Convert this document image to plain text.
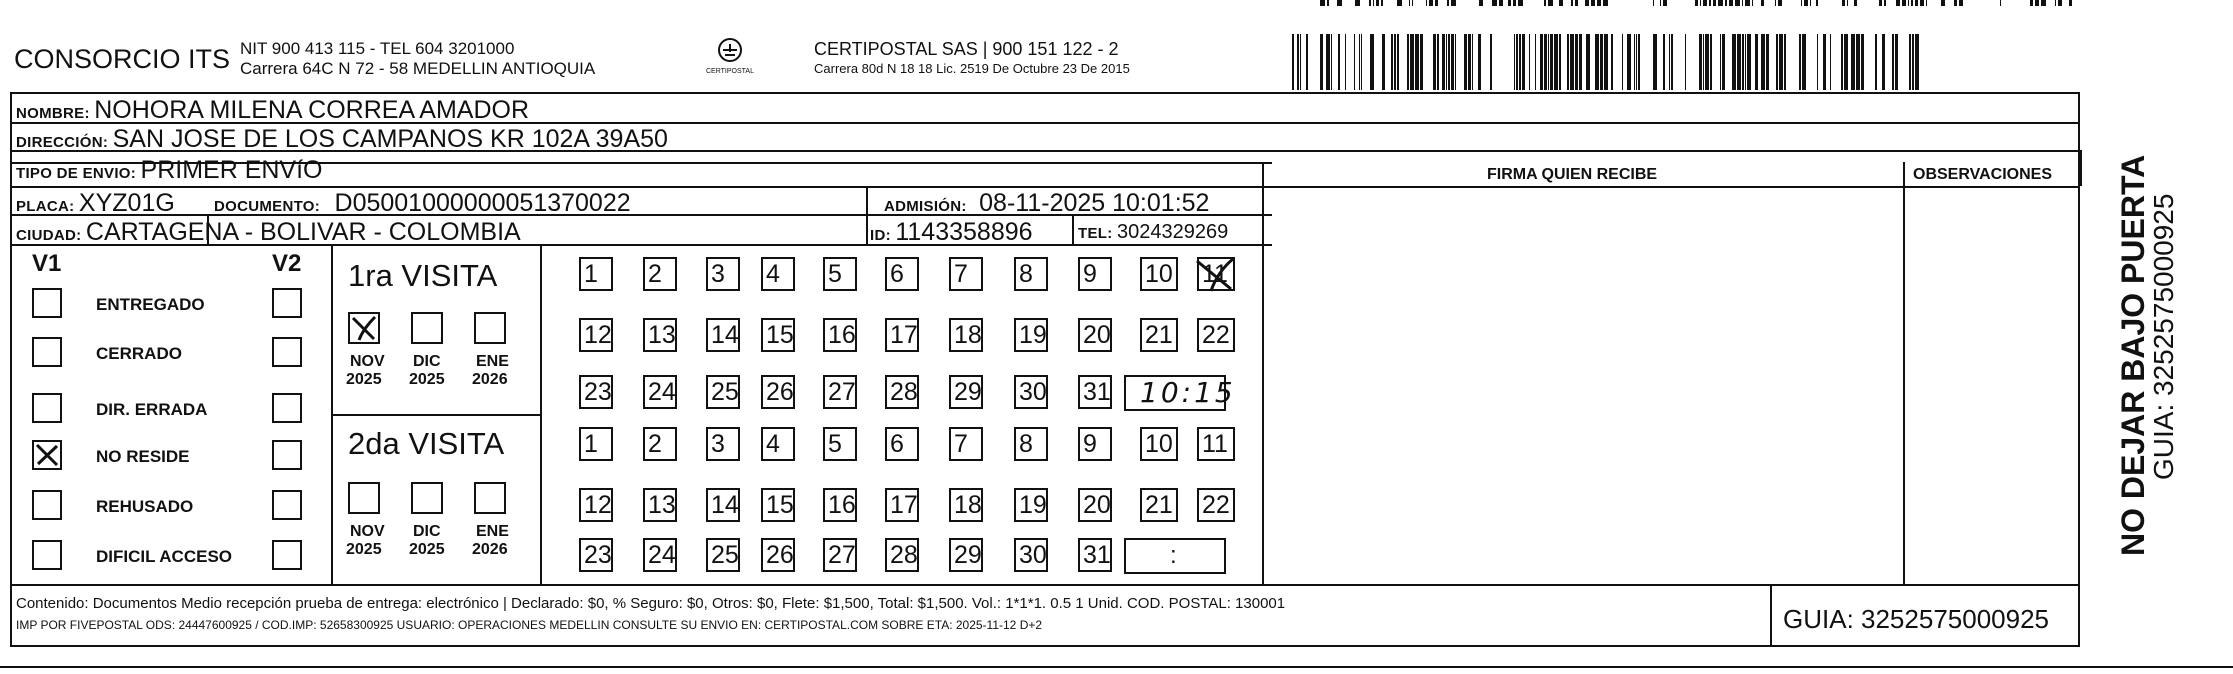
CONSORCIO ITS NIT 900 413 115 - TEL 604 3201000
Carrera 64C N 72 - 58 MEDELLIN ANTIOQUIA	CERTIPOSTAL
CERTIPOSTAL SAS | 900 151 122 - 2
Carrera 80d N 18 18 Lic. 2519 De Octubre 23 De 2015
NOMBRE: NOHORA MILENA CORREA AMADOR
DIRECCIÓN: SAN JOSE DE LOS CAMPANOS KR 102A 39A50
TIPO DE ENVIO: PRIMER ENVíO
PLACA: XYZ01G	DOCUMENTO: D05001000000051370022	ADMISIÓN: 08-11-2025 10:01:52
CIUDAD: CARTAGENA - BOLIVAR - COLOMBIA	ID: 1143358896	TEL: 3024329269
FIRMA QUIEN RECIBE	OBSERVACIONES
V1	V2
ENTREGADO
CERRADO
DIR. ERRADA
NO RESIDE
REHUSADO
DIFICIL ACCESO
1ra VISITA
2da VISITA
NOV
2025
DIC
2025
ENE
2026
NOV
2025
DIC
2025
ENE
2026
1	2	3	4	5	6	7	8	9	10 11
12 13 14 15 16 17 18 19 20 21 22
23 24 25 26 27 28 29 30 31 10:15
1	2	3	4	5	6	7	8	9	10 11
12 13 14 15 16 17 18 19 20 21 22
23 24 25 26 27 28 29 30 31 :
Contenido: Documentos Medio recepción prueba de entrega: electrónico | Declarado: $0, % Seguro: $0, Otros: $0, Flete: $1,500, Total: $1,500. Vol.: 1*1*1. 0.5 1 Unid. COD. POSTAL: 130001
IMP POR FIVEPOSTAL ODS: 24447600925 / COD.IMP: 52658300925 USUARIO: OPERACIONES MEDELLIN CONSULTE SU ENVIO EN: CERTIPOSTAL.COM SOBRE ETA: 2025-11-12 D+2	GUIA: 3252575000925
NO DEJAR BAJO PUERTA
GUIA: 3252575000925
